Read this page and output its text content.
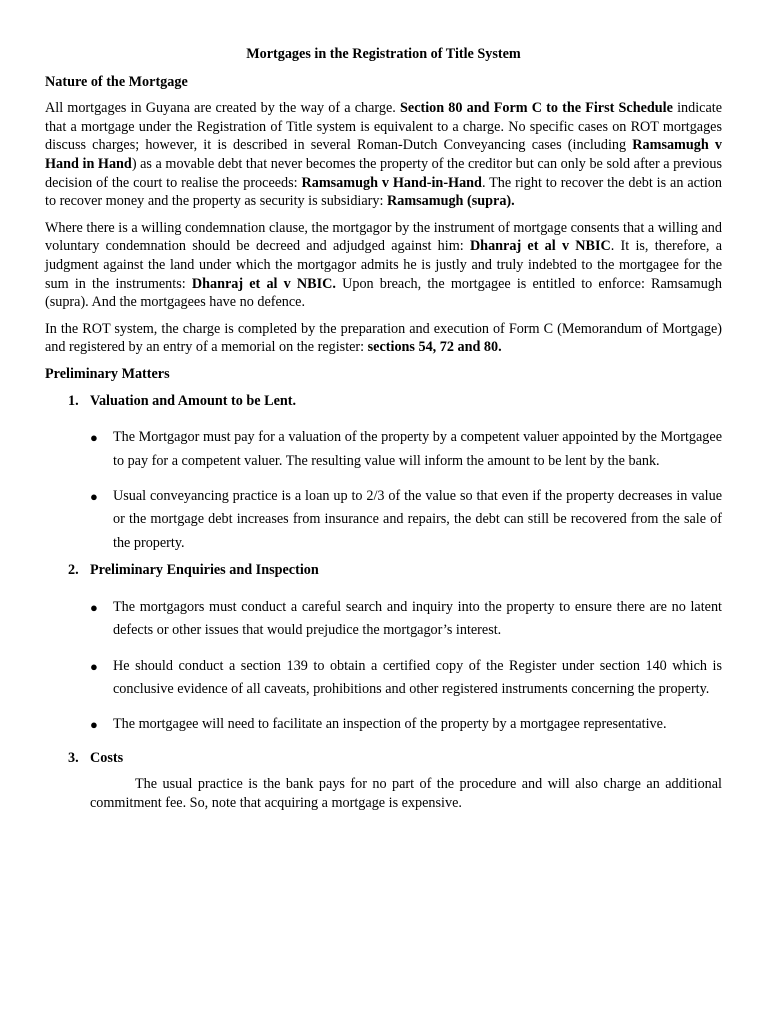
Mortgages in the Registration of Title System
Nature of the Mortgage

All mortgages in Guyana are created by the way of a charge. Section 80 and Form C to the First Schedule indicate that a mortgage under the Registration of Title system is equivalent to a charge. No specific cases on ROT mortgages discuss charges; however, it is described in several Roman-Dutch Conveyancing cases (including Ramsamugh v Hand in Hand) as a movable debt that never becomes the property of the creditor but can only be sold after a previous decision of the court to realise the proceeds: Ramsamugh v Hand-in-Hand. The right to recover the debt is an action to recover money and the property as security is subsidiary: Ramsamugh (supra).

Where there is a willing condemnation clause, the mortgagor by the instrument of mortgage consents that a willing and voluntary condemnation should be decreed and adjudged against him: Dhanraj et al v NBIC. It is, therefore, a judgment against the land under which the mortgagor admits he is justly and truly indebted to the mortgagee for the sum in the instruments: Dhanraj et al v NBIC. Upon breach, the mortgagee is entitled to enforce: Ramsamugh (supra). And the mortgagees have no defence.

In the ROT system, the charge is completed by the preparation and execution of Form C (Memorandum of Mortgage) and registered by an entry of a memorial on the register: sections 54, 72 and 80.

Preliminary Matters
1. Valuation and Amount to be Lent.
● The Mortgagor must pay for a valuation of the property by a competent valuer appointed by the Mortgagee to pay for a competent valuer. The resulting value will inform the amount to be lent by the bank.
● Usual conveyancing practice is a loan up to 2/3 of the value so that even if the property decreases in value or the mortgage debt increases from insurance and repairs, the debt can still be recovered from the sale of the property.
2. Preliminary Enquiries and Inspection
● The mortgagors must conduct a careful search and inquiry into the property to ensure there are no latent defects or other issues that would prejudice the mortgagor’s interest.
● He should conduct a section 139 to obtain a certified copy of the Register under section 140 which is conclusive evidence of all caveats, prohibitions and other registered instruments concerning the property.
● The mortgagee will need to facilitate an inspection of the property by a mortgagee representative.
3. Costs

The usual practice is the bank pays for no part of the procedure and will also charge an additional commitment fee. So, note that acquiring a mortgage is expensive.
